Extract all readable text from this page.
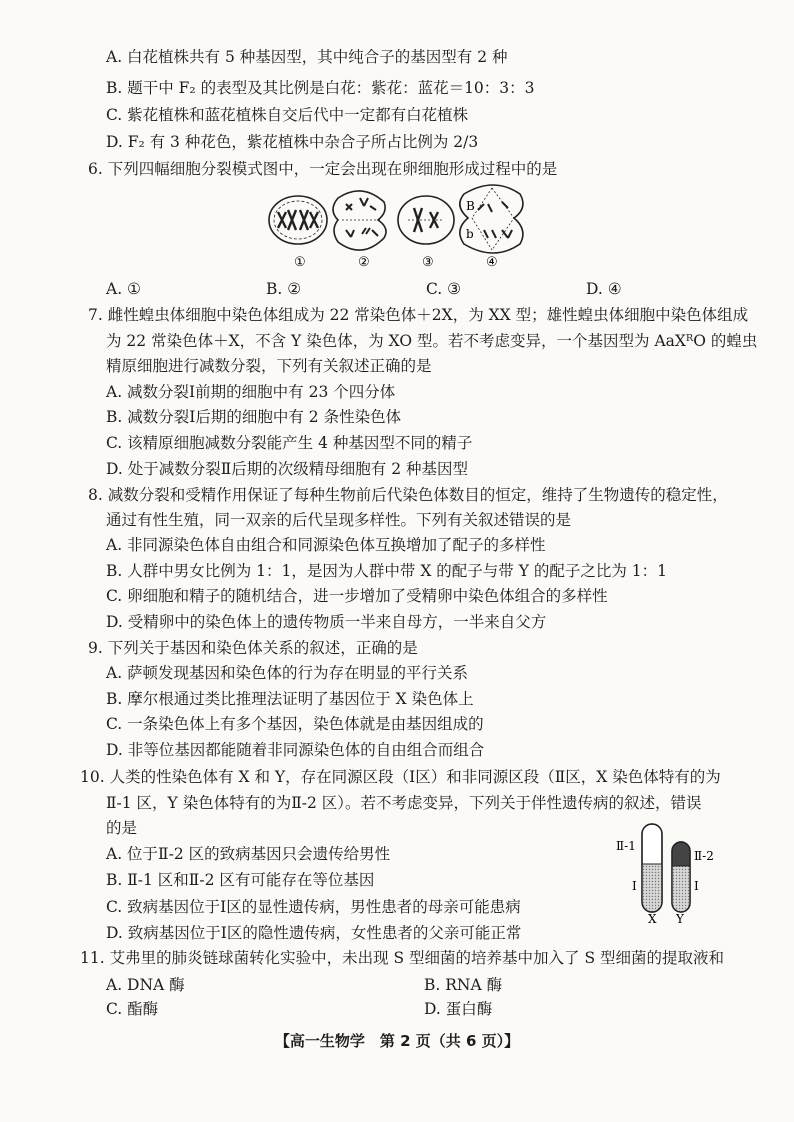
A. 白花植株共有 5 种基因型，其中纯合子的基因型有 2 种
B. 题干中 F₂ 的表型及其比例是白花：紫花：蓝花＝10：3：3
C. 紫花植株和蓝花植株自交后代中一定都有白花植株
D. F₂ 有 3 种花色，紫花植株中杂合子所占比例为 2/3
6. 下列四幅细胞分裂模式图中，一定会出现在卵细胞形成过程中的是
①	②	③
B
b
④
A. ①	B. ②	C. ③	D. ④
7. 雌性蝗虫体细胞中染色体组成为 22 常染色体＋2X，为 XX 型；雄性蝗虫体细胞中染色体组成
为 22 常染色体＋X，不含 Y 染色体，为 XO 型。若不考虑变异，一个基因型为 AaXᴿO 的蝗虫
精原细胞进行减数分裂，下列有关叙述正确的是
A. 减数分裂Ⅰ前期的细胞中有 23 个四分体
B. 减数分裂Ⅰ后期的细胞中有 2 条性染色体
C. 该精原细胞减数分裂能产生 4 种基因型不同的精子
D. 处于减数分裂Ⅱ后期的次级精母细胞有 2 种基因型
8. 减数分裂和受精作用保证了每种生物前后代染色体数目的恒定，维持了生物遗传的稳定性，
通过有性生殖，同一双亲的后代呈现多样性。下列有关叙述错误的是
A. 非同源染色体自由组合和同源染色体互换增加了配子的多样性
B. 人群中男女比例为 1：1，是因为人群中带 X 的配子与带 Y 的配子之比为 1：1
C. 卵细胞和精子的随机结合，进一步增加了受精卵中染色体组合的多样性
D. 受精卵中的染色体上的遗传物质一半来自母方，一半来自父方
9. 下列关于基因和染色体关系的叙述，正确的是
A. 萨顿发现基因和染色体的行为存在明显的平行关系
B. 摩尔根通过类比推理法证明了基因位于 X 染色体上
C. 一条染色体上有多个基因，染色体就是由基因组成的
D. 非等位基因都能随着非同源染色体的自由组合而组合
10. 人类的性染色体有 X 和 Y，存在同源区段（Ⅰ区）和非同源区段（Ⅱ区，X 染色体特有的为
Ⅱ-1 区，Y 染色体特有的为Ⅱ-2 区）。若不考虑变异，下列关于伴性遗传病的叙述，错误
的是
A. 位于Ⅱ-2 区的致病基因只会遗传给男性
B. Ⅱ-1 区和Ⅱ-2 区有可能存在等位基因
C. 致病基因位于Ⅰ区的显性遗传病，男性患者的母亲可能患病
D. 致病基因位于Ⅰ区的隐性遗传病，女性患者的父亲可能正常
Ⅱ-1
Ⅱ-2
Ⅰ	Ⅰ
X Y
11. 艾弗里的肺炎链球菌转化实验中，未出现 S 型细菌的培养基中加入了 S 型细菌的提取液和
A. DNA 酶	B. RNA 酶
C. 酯酶	D. 蛋白酶
【高一生物学　第 2 页（共 6 页）】
